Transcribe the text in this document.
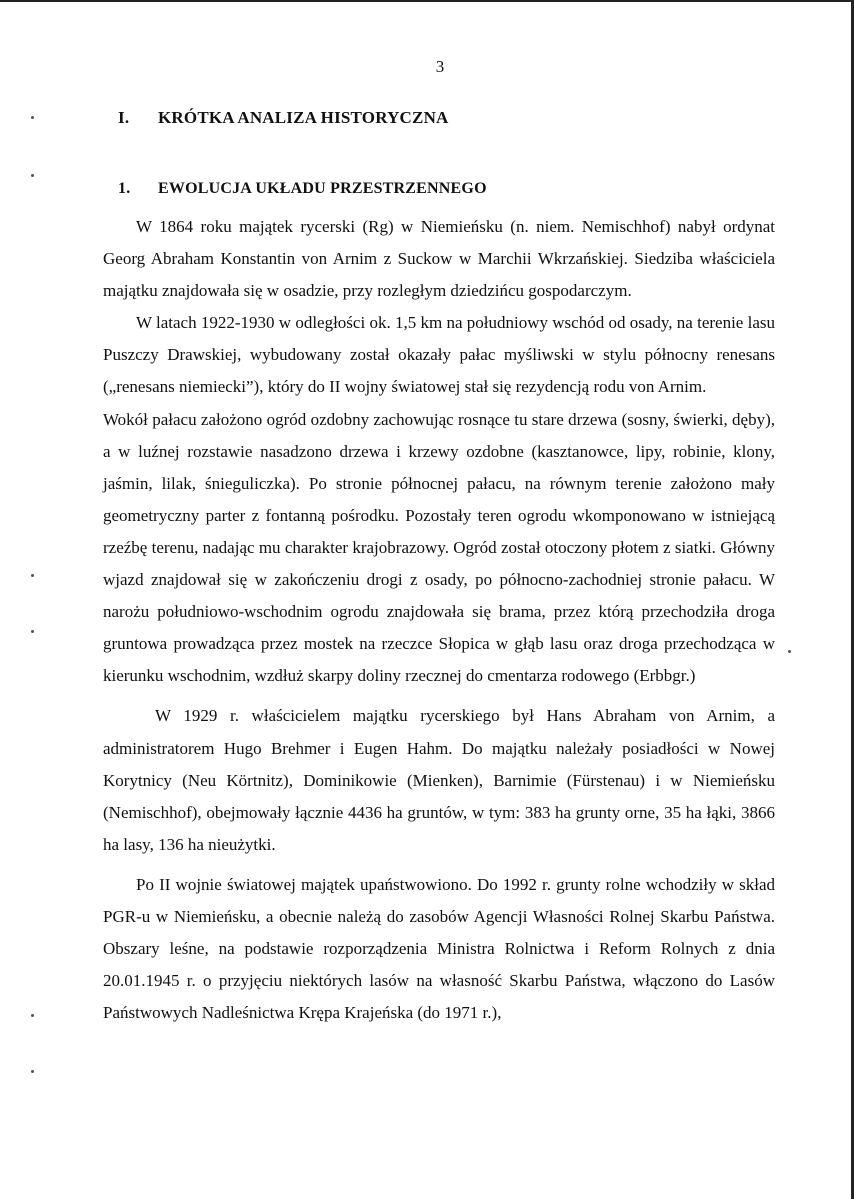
3
I. KRÓTKA ANALIZA HISTORYCZNA
1. EWOLUCJA UKŁADU PRZESTRZENNEGO

W 1864 roku majątek rycerski (Rg) w Niemieńsku (n. niem. Nemischhof) nabył ordynat Georg Abraham Konstantin von Arnim z Suckow w Marchii Wkrzańskiej. Siedziba właściciela majątku znajdowała się w osadzie, przy rozległym dziedzińcu gospodarczym.

W latach 1922-1930 w odległości ok. 1,5 km na południowy wschód od osady, na terenie lasu Puszczy Drawskiej, wybudowany został okazały pałac myśliwski w stylu północny renesans („renesans niemiecki”), który do II wojny światowej stał się rezydencją rodu von Arnim.

Wokół pałacu założono ogród ozdobny zachowując rosnące tu stare drzewa (sosny, świerki, dęby), a w luźnej rozstawie nasadzono drzewa i krzewy ozdobne (kasztanowce, lipy, robinie, klony, jaśmin, lilak, śnieguliczka). Po stronie północnej pałacu, na równym terenie założono mały geometryczny parter z fontanną pośrodku. Pozostały teren ogrodu wkomponowano w istniejącą rzeźbę terenu, nadając mu charakter krajobrazowy. Ogród został otoczony płotem z siatki. Główny wjazd znajdował się w zakończeniu drogi z osady, po północno-zachodniej stronie pałacu. W narożu południowo-wschodnim ogrodu znajdowała się brama, przez którą przechodziła droga gruntowa prowadząca przez mostek na rzeczce Słopica w głąb lasu oraz droga przechodząca w kierunku wschodnim, wzdłuż skarpy doliny rzecznej do cmentarza rodowego (Erbbgr.)

W 1929 r. właścicielem majątku rycerskiego był Hans Abraham von Arnim, a administratorem Hugo Brehmer i Eugen Hahm. Do majątku należały posiadłości w Nowej Korytnicy (Neu Körtnitz), Dominikowie (Mienken), Barnimie (Fürstenau) i w Niemieńsku (Nemischhof), obejmowały łącznie 4436 ha gruntów, w tym: 383 ha grunty orne, 35 ha łąki, 3866 ha lasy, 136 ha nieużytki.

Po II wojnie światowej majątek upaństwowiono. Do 1992 r. grunty rolne wchodziły w skład PGR-u w Niemieńsku, a obecnie należą do zasobów Agencji Własności Rolnej Skarbu Państwa. Obszary leśne, na podstawie rozporządzenia Ministra Rolnictwa i Reform Rolnych z dnia 20.01.1945 r. o przyjęciu niektórych lasów na własność Skarbu Państwa, włączono do Lasów Państwowych Nadleśnictwa Krępa Krajeńska (do 1971 r.),
